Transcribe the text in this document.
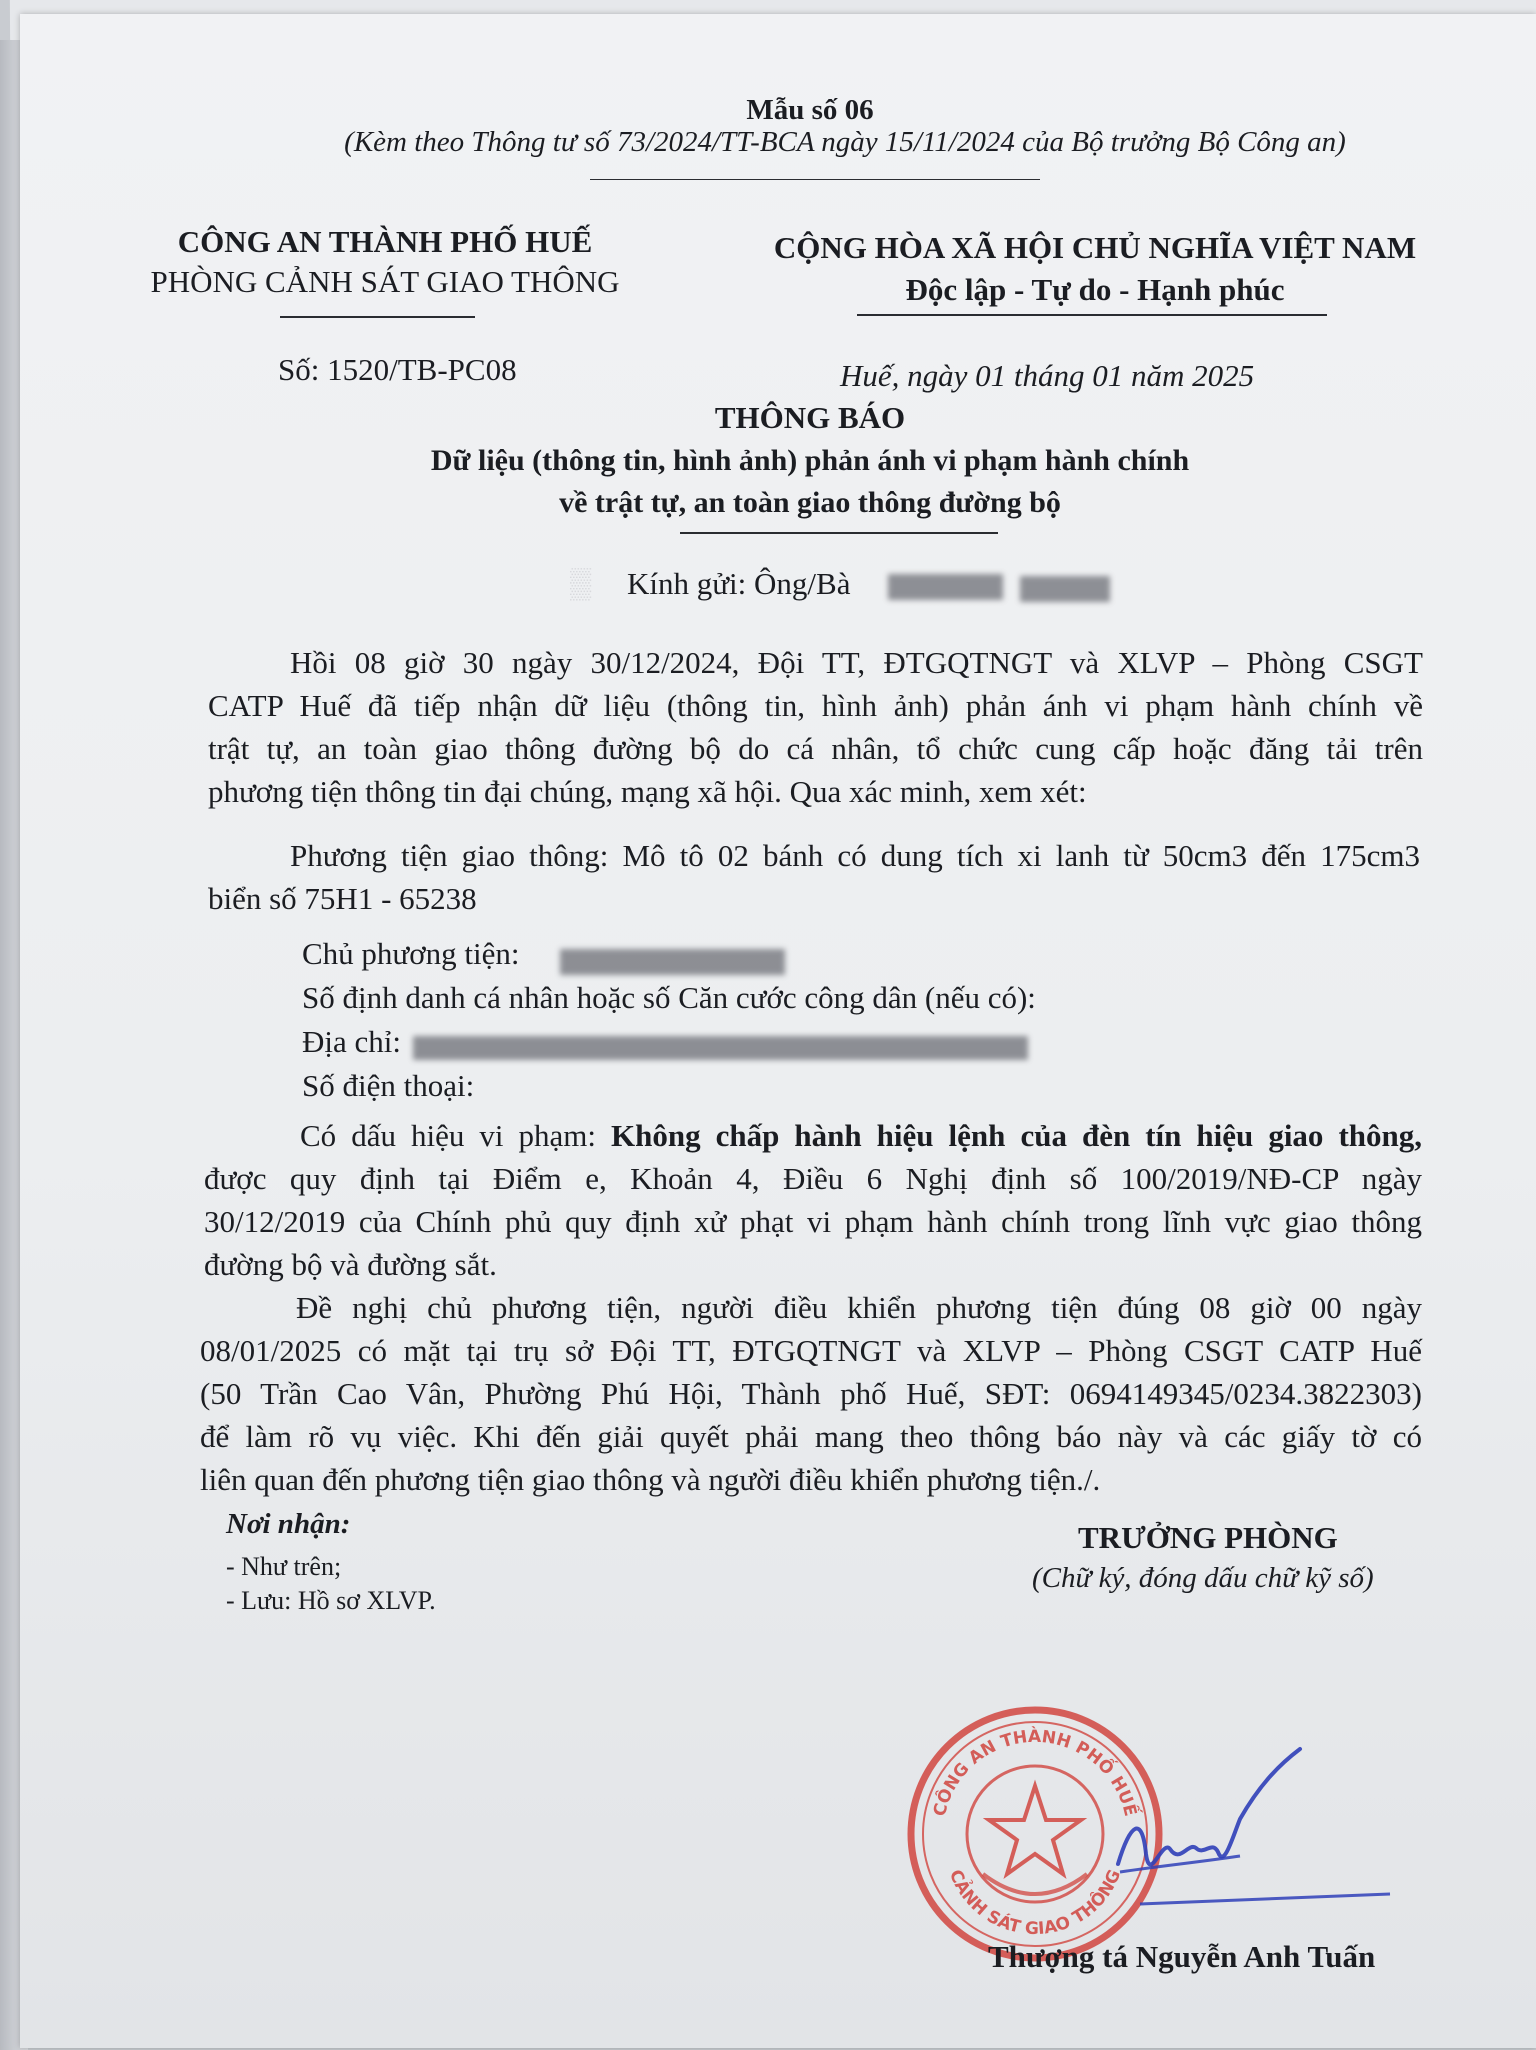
Mẫu số 06
(Kèm theo Thông tư số 73/2024/TT-BCA ngày 15/11/2024 của Bộ trưởng Bộ Công an)
CÔNG AN THÀNH PHỐ HUẾ
PHÒNG CẢNH SÁT GIAO THÔNG
CỘNG HÒA XÃ HỘI CHỦ NGHĨA VIỆT NAM
Độc lập - Tự do - Hạnh phúc
Số: 1520/TB-PC08	Huế, ngày 01 tháng 01 năm 2025
THÔNG BÁO
Dữ liệu (thông tin, hình ảnh) phản ánh vi phạm hành chính
về trật tự, an toàn giao thông đường bộ
▒ Kính gửi: Ông/Bà
Hồi 08 giờ 30 ngày 30/12/2024, Đội TT, ĐTGQTNGT và XLVP – Phòng CSGT
CATP Huế đã tiếp nhận dữ liệu (thông tin, hình ảnh) phản ánh vi phạm hành chính về
trật tự, an toàn giao thông đường bộ do cá nhân, tổ chức cung cấp hoặc đăng tải trên
phương tiện thông tin đại chúng, mạng xã hội. Qua xác minh, xem xét:
Phương tiện giao thông: Mô tô 02 bánh có dung tích xi lanh từ 50cm3 đến 175cm3
biển số 75H1 - 65238
Chủ phương tiện:
Số định danh cá nhân hoặc số Căn cước công dân (nếu có):
Địa chỉ:
Số điện thoại:
Có dấu hiệu vi phạm: Không chấp hành hiệu lệnh của đèn tín hiệu giao thông,
được quy định tại Điểm e, Khoản 4, Điều 6 Nghị định số 100/2019/NĐ-CP ngày
30/12/2019 của Chính phủ quy định xử phạt vi phạm hành chính trong lĩnh vực giao thông
đường bộ và đường sắt.
Đề nghị chủ phương tiện, người điều khiển phương tiện đúng 08 giờ 00 ngày
08/01/2025 có mặt tại trụ sở Đội TT, ĐTGQTNGT và XLVP – Phòng CSGT CATP Huế
(50 Trần Cao Vân, Phường Phú Hội, Thành phố Huế, SĐT: 0694149345/0234.3822303)
để làm rõ vụ việc. Khi đến giải quyết phải mang theo thông báo này và các giấy tờ có
liên quan đến phương tiện giao thông và người điều khiển phương tiện./.
Nơi nhận:
- Như trên;
- Lưu: Hồ sơ XLVP.
TRƯỞNG PHÒNG
(Chữ ký, đóng dấu chữ kỹ số)
CÔNG AN THÀNH PHỐ HUẾ
CẢNH SÁT GIAO THÔNG
Thượng tá Nguyễn Anh Tuấn
